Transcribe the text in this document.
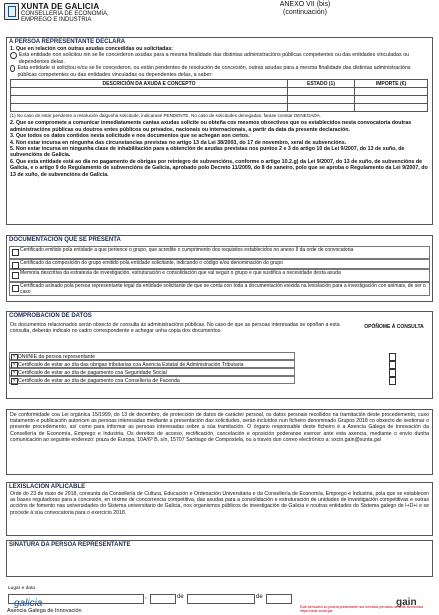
XUNTA DE GALICIA
CONSELLERÍA DE ECONOMÍA,
EMPREGO E INDUSTRIA
ANEXO VII (bis)
(continuación)
A PERSOA REPRESENTANTE DECLARA
1. Que en relación con outras axudas concedidas ou solicitadas:
Esta entidade non solicitou nin se lle concederon axudas para a mesma finalidade das distintas administracións públicas competentes ou das entidades vinculadas ou dependentes delas.
Esta entidade si solicitou e/ou se lle concederon, ou están pendentes de resolución de concesión, outras axudas para a mesma finalidade das distintas administracións públicas competentes ou das entidades vinculadas ou dependentes delas, a saber:
DESCRICIÓN DA AXUDA E CONCEPTO	ESTADO (1)	IMPORTE (€)

(1) No caso de estar pendente a resolución dalgunha solicitude, indicarase PENDENTE. No caso de solicitudes denegadas, farase constar DENEGADA.
2. Que se compromete a comunicar inmediatamente cantas axudas solicite ou obteña cos mesmos obxectivos que os establecidos nesta convocatoria doutras administracións públicas ou doutros entes públicos ou privados, nacionais ou internacionais, a partir da data da presente declaración.
3. Que todos os datos contidos nesta solicitude e nos documentos que se achegan son certos.
4. Non estar incursa en ningunha das circunstancias previstas no artigo 13 da Lei 38/2003, do 17 de novembro, xeral de subvencións.
5. Non estar incursa en ningunha clase de inhabilitación para a obtención de axudas previstas nos puntos 2 e 3 do artigo 10 da Lei 9/2007, do 13 de xuño, de subvencións de Galicia.
6. Que esta entidade está ao día no pagamento de obrigas por reintegro de subvencións, conforme o artigo 10.2.g) da Lei 9/2007, do 13 de xuño, de subvencións de Galicia, e o artigo 9 do Regulamento de subvencións de Galicia, aprobado polo Decreto 11/2009, do 8 de xaneiro, polo que se aproba o Regulamento da Lei 9/2007, do 13 de xuño, de subvencións de Galicia.
DOCUMENTACIÓN QUE SE PRESENTA
Certificado emitido pola entidade a que pertence o grupo, que acredite o cumprimento dos requisitos establecidos no anexo II da orde de convocatoria
Certificado da composición do grupo emitido pola entidade solicitante, indicando o código e/ou denominación do grupo
Memoria descritiva da estratexia de investigación, estruturación e consolidación que vai seguir o grupo e que xustifica a necesidade desta axuda
Certificado asinado pola persoa representante legal da entidade solicitante de que se conta con toda a documentación exixida na lexislación para a investigación con animais, de ser o caso
COMPROBACIÓN DE DATOS
Os documentos relacionados serán obxecto de consulta ás administracións públicas. No caso de que as persoas interesadas se opoñan a esta consulta, deberán indicalo no cadro correspondente e achegar unha copia dos documentos.
OPÓÑOME Á CONSULTA
× DNI/NIE da persoa representante
× Certificado de estar ao día das obrigas tributarias coa Axencia Estatal de Administración Tributaria
× Certificado de estar ao día de pagamento coa Seguridade Social
× Certificado de estar ao día de pagamento coa Consellería de Facenda
De conformidade coa Lei orgánica 15/1999, do 13 de decembro, de protección de datos de carácter persoal, os datos persoais recollidos na tramitación deste procedemento, cuxo tratamento e publicación autoricen as persoas interesadas mediante a presentación das solicitudes, serán incluídos nun ficheiro denominado Grupos 2018 co obxecto de xestionar o presente procedemento, así como para informar as persoas interesadas sobre a súa tramitación. O órgano responsable deste ficheiro é a Axencia Galega de Innovación da Consellería de Economía, Emprego e Industria. Os dereitos de acceso, rectificación, cancelación e oposición poderanse exercer ante esta axencia, mediante o envío dunha comunicación ao seguinte enderezo: praza de Europa, 10A/6º B, s/n, 15707 Santiago de Compostela, ou a través dun correo electrónico a: sxcin.gain@xunta.gal
LEXISLACIÓN APLICABLE
Orde do 23 de maio de 2018, conxunta da Consellería de Cultura, Educación e Ordenación Universitaria e da Consellería de Economía, Emprego e Industria, pola que se establecen as bases reguladoras para a concesión, en réxime de concorrencia competitiva, das axudas para a consolidación e estruturación de unidades de investigación competitivas e outras accións de fomento nas universidades do Sistema universitario de Galicia, nos organismos públicos de investigación de Galicia e noutras entidades do Sistema galego de I+D+i e se procede á súa convocatoria para o exercicio 2018.
SINATURA DA PERSOA REPRESENTANTE
Lugar e data
,	de	de
galicia	gain
Axencia Galega de Innovación
Este formulario só poderá presentarse nos formatos previstos na sede electrónica https://sede.xunta.gal
